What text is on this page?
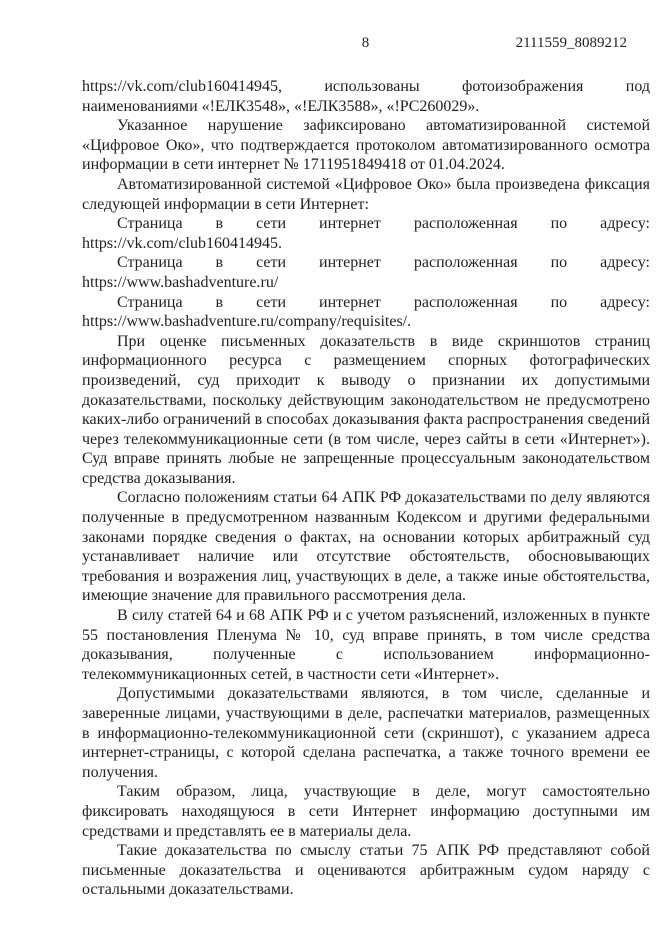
8	2111559_8089212

https://vk.com/club160414945, использованы фотоизображения под наименованиями «!ЕЛК3548», «!ЕЛК3588», «!PC260029».

Указанное нарушение зафиксировано автоматизированной системой «Цифровое Око», что подтверждается протоколом автоматизированного осмотра информации в сети интернет № 1711951849418 от 01.04.2024.

Автоматизированной системой «Цифровое Око» была произведена фиксация следующей информации в сети Интернет:

Страница в сети интернет расположенная по адресу:
https://vk.com/club160414945.

Страница в сети интернет расположенная по адресу:
https://www.bashadventure.ru/

Страница в сети интернет расположенная по адресу:
https://www.bashadventure.ru/company/requisites/.

При оценке письменных доказательств в виде скриншотов страниц информационного ресурса с размещением спорных фотографических произведений, суд приходит к выводу о признании их допустимыми доказательствами, поскольку действующим законодательством не предусмотрено каких-либо ограничений в способах доказывания факта распространения сведений через телекоммуникационные сети (в том числе, через сайты в сети «Интернет»). Суд вправе принять любые не запрещенные процессуальным законодательством средства доказывания.

Согласно положениям статьи 64 АПК РФ доказательствами по делу являются полученные в предусмотренном названным Кодексом и другими федеральными законами порядке сведения о фактах, на основании которых арбитражный суд устанавливает наличие или отсутствие обстоятельств, обосновывающих требования и возражения лиц, участвующих в деле, а также иные обстоятельства, имеющие значение для правильного рассмотрения дела.

В силу статей 64 и 68 АПК РФ и с учетом разъяснений, изложенных в пункте 55 постановления Пленума № 10, суд вправе принять, в том числе средства доказывания, полученные с использованием информационно-телекоммуникационных сетей, в частности сети «Интернет».

Допустимыми доказательствами являются, в том числе, сделанные и заверенные лицами, участвующими в деле, распечатки материалов, размещенных в информационно-телекоммуникационной сети (скриншот), с указанием адреса интернет-страницы, с которой сделана распечатка, а также точного времени ее получения.

Таким образом, лица, участвующие в деле, могут самостоятельно фиксировать находящуюся в сети Интернет информацию доступными им средствами и представлять ее в материалы дела.

Такие доказательства по смыслу статьи 75 АПК РФ представляют собой письменные доказательства и оцениваются арбитражным судом наряду с остальными доказательствами.
